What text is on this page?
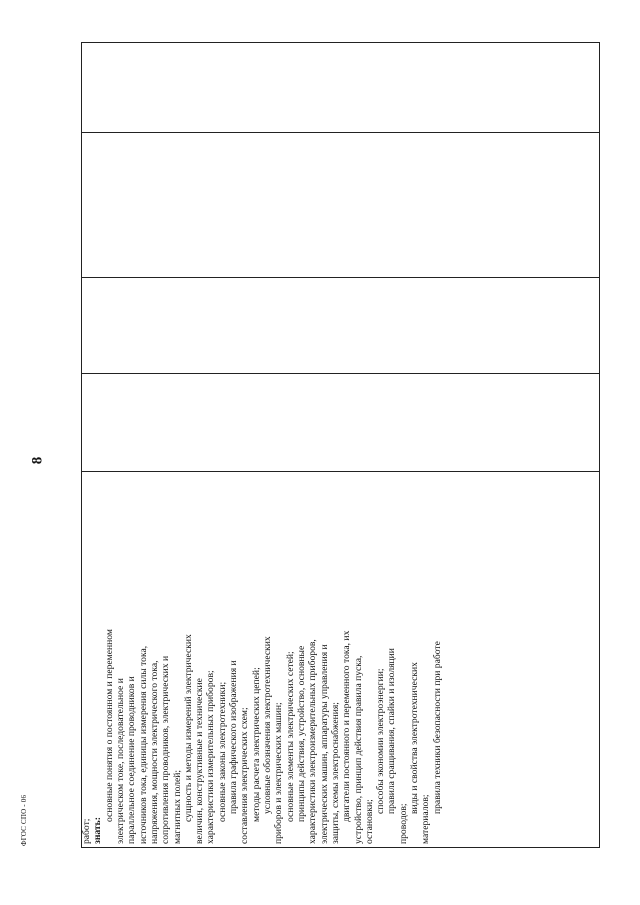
8
ФГОС СПО - 06	работ; знать:

основные понятия о постоянном и переменном электрическом токе, последовательное и параллельное соединение проводников и источников тока, единицы измерения силы тока, напряжения, мощности электрического тока, сопротивления проводников, электрических и магнитных полей; сущность и методы измерений электрических величин, конструктивные и технические характеристики измерительных приборов; основные законы электротехники; правила графического изображения и составления электрических схем; методы расчета электрических цепей; условные обозначения электротехнических приборов и электрических машин; основные элементы электрических сетей; принципы действия, устройство, основные характеристики электроизмерительных приборов, электрических машин, аппаратуры управления и защиты, схемы электроснабжения; двигатели постоянного и переменного тока, их устройство, принцип действия правила пуска, остановки;

способы экономии электроэнергии; правила сращивания, спайки и изоляции

проводов;

виды и свойства электротехнических

материалов;

правила техники безопасности при работе
